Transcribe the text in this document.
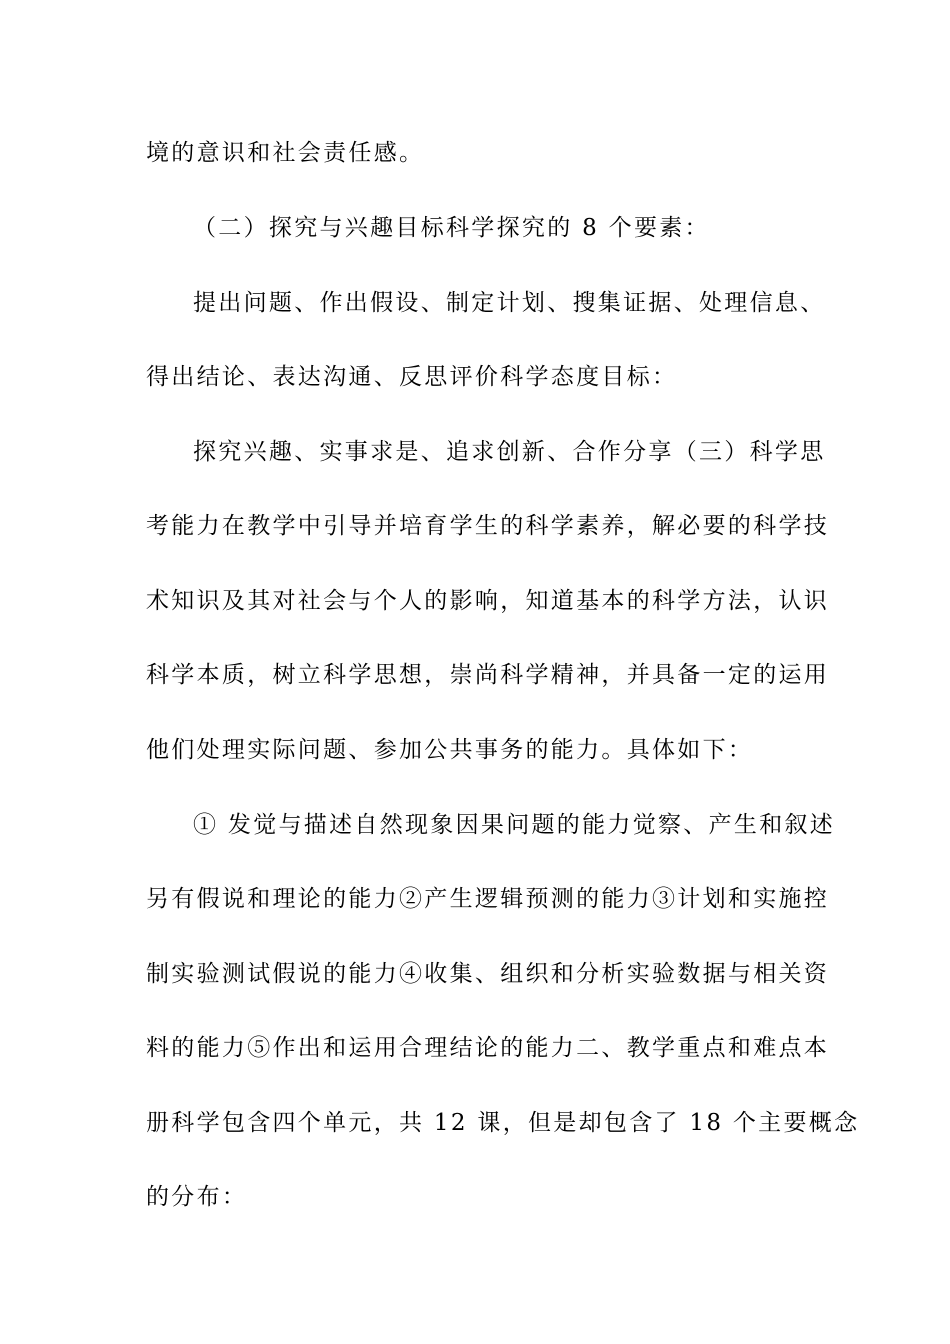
境的意识和社会责任感。

（二）探究与兴趣目标科学探究的 8 个要素：

提出问题、作出假设、制定计划、搜集证据、处理信息、

得出结论、表达沟通、反思评价科学态度目标：

探究兴趣、实事求是、追求创新、合作分享（三）科学思

考能力在教学中引导并培育学生的科学素养，解必要的科学技

术知识及其对社会与个人的影响，知道基本的科学方法，认识

科学本质，树立科学思想，崇尚科学精神，并具备一定的运用

他们处理实际问题、参加公共事务的能力。具体如下：

① 发觉与描述自然现象因果问题的能力觉察、产生和叙述

另有假说和理论的能力②产生逻辑预测的能力③计划和实施控

制实验测试假说的能力④收集、组织和分析实验数据与相关资

料的能力⑤作出和运用合理结论的能力二、教学重点和难点本

册科学包含四个单元，共 12 课，但是却包含了 18 个主要概念

的分布：
